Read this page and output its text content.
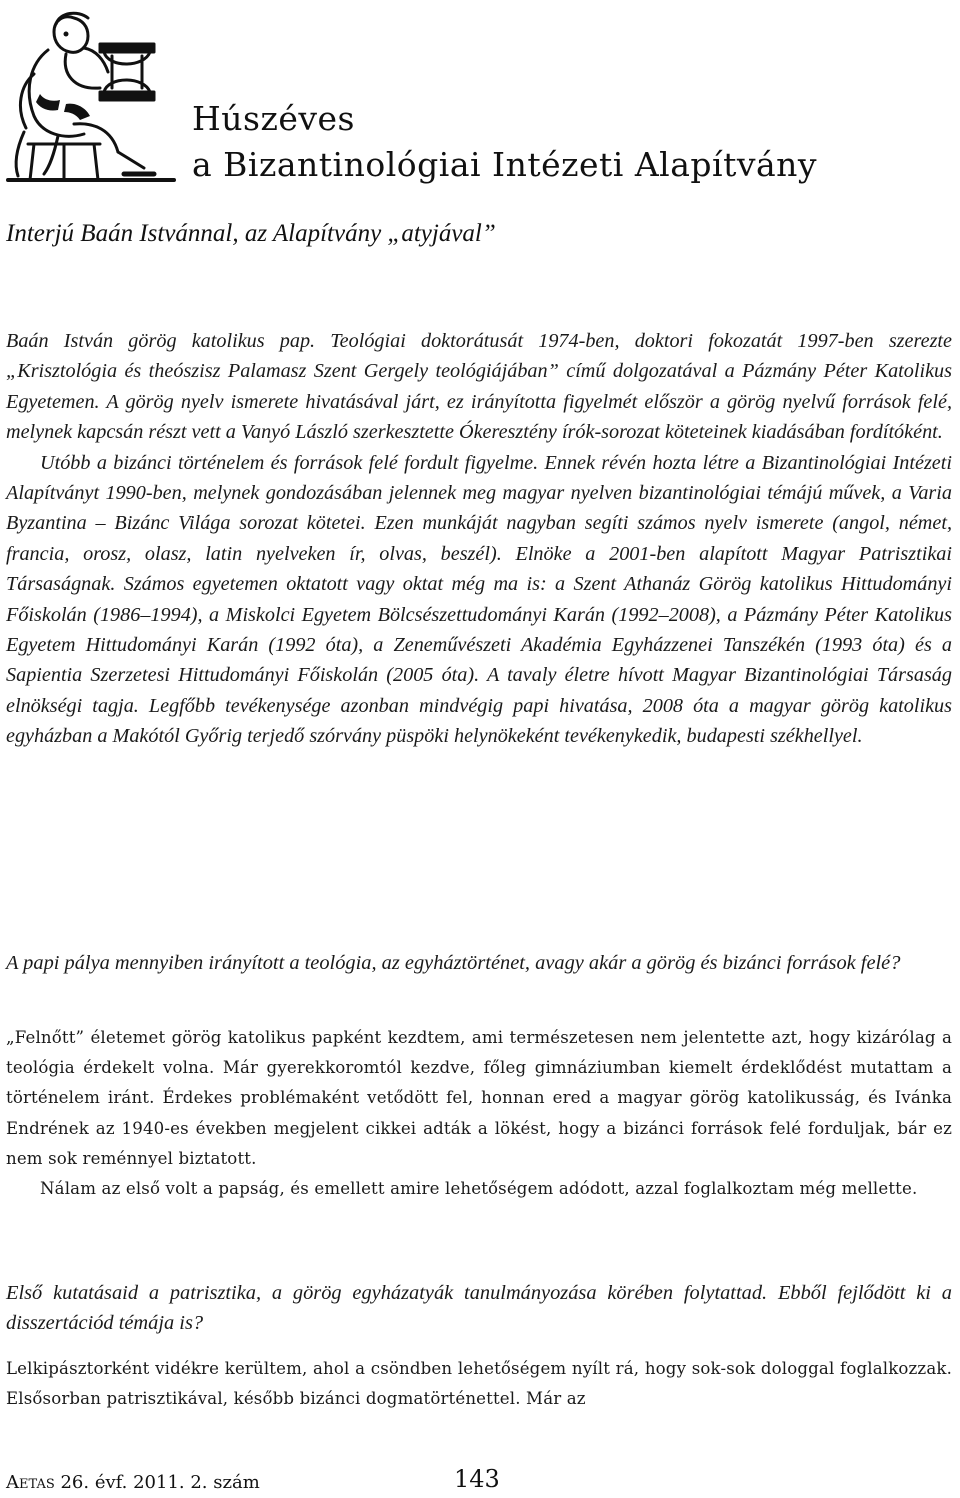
Húszéves
a Bizantinológiai Intézeti Alapítvány

Interjú Baán Istvánnal, az Alapítvány „atyjával”

Baán István görög katolikus pap. Teológiai doktorátusát 1974-ben, doktori fokozatát 1997-ben szerezte „Krisztológia és theószisz Palamasz Szent Gergely teológiájában” című dolgozatával a Pázmány Péter Katolikus Egyetemen. A görög nyelv ismerete hivatásával járt, ez irányította figyelmét először a görög nyelvű források felé, melynek kapcsán részt vett a Vanyó László szerkesztette Ókeresztény írók-sorozat köteteinek kiadásában fordítóként.

Utóbb a bizánci történelem és források felé fordult figyelme. Ennek révén hozta létre a Bizantinológiai Intézeti Alapítványt 1990-ben, melynek gondozásában jelennek meg magyar nyelven bizantinológiai témájú művek, a Varia Byzantina – Bizánc Világa sorozat kötetei. Ezen munkáját nagyban segíti számos nyelv ismerete (angol, német, francia, orosz, olasz, latin nyelveken ír, olvas, beszél). Elnöke a 2001-ben alapított Magyar Patrisztikai Társaságnak. Számos egyetemen oktatott vagy oktat még ma is: a Szent Athanáz Görög katolikus Hittudományi Főiskolán (1986–1994), a Miskolci Egyetem Bölcsészettudományi Karán (1992–2008), a Pázmány Péter Katolikus Egyetem Hittudományi Karán (1992 óta), a Zeneművészeti Akadémia Egyházzenei Tanszékén (1993 óta) és a Sapientia Szerzetesi Hittudományi Főiskolán (2005 óta). A tavaly életre hívott Magyar Bizantinológiai Társaság elnökségi tagja. Legfőbb tevékenysége azonban mindvégig papi hivatása, 2008 óta a magyar görög katolikus egyházban a Makótól Győrig terjedő szórvány püspöki helynökeként tevékenykedik, budapesti székhellyel.

A papi pálya mennyiben irányított a teológia, az egyháztörténet, avagy akár a görög és bizánci források felé?

„Felnőtt” életemet görög katolikus papként kezdtem, ami természetesen nem jelentette azt, hogy kizárólag a teológia érdekelt volna. Már gyerekkoromtól kezdve, főleg gimnáziumban kiemelt érdeklődést mutattam a történelem iránt. Érdekes problémaként vetődött fel, honnan ered a magyar görög katolikusság, és Ivánka Endrének az 1940-es években megjelent cikkei adták a lökést, hogy a bizánci források felé forduljak, bár ez nem sok reménnyel biztatott.

Nálam az első volt a papság, és emellett amire lehetőségem adódott, azzal foglalkoztam még mellette.

Első kutatásaid a patrisztika, a görög egyházatyák tanulmányozása körében folytattad. Ebből fejlődött ki a disszertációd témája is?

Lelkipásztorként vidékre kerültem, ahol a csöndben lehetőségem nyílt rá, hogy sok-sok dologgal foglalkozzak. Elsősorban patrisztikával, később bizánci dogmatörténettel. Már az

Aetas 26. évf. 2011. 2. szám	143
